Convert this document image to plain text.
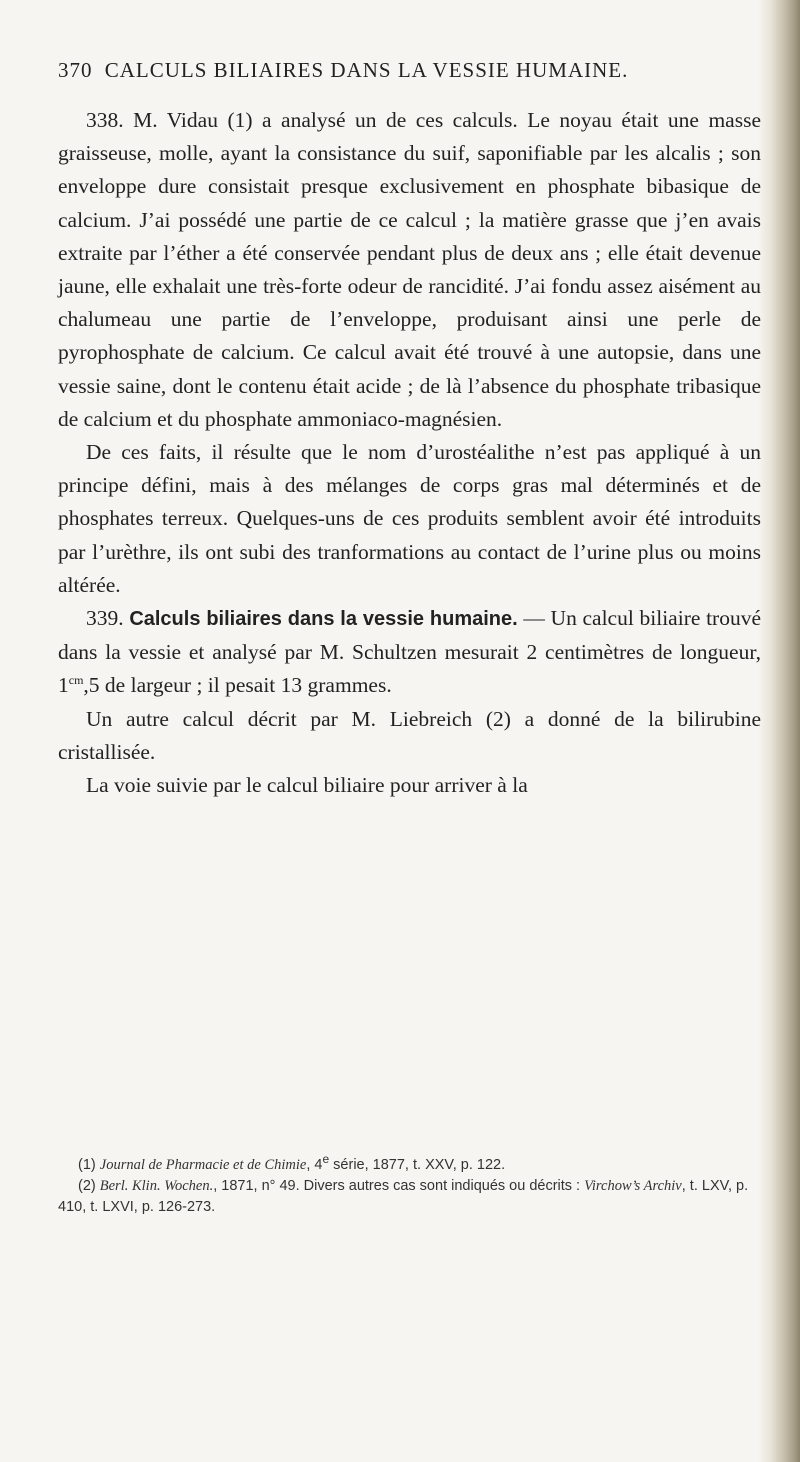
370 CALCULS BILIAIRES DANS LA VESSIE HUMAINE.

338. M. Vidau (1) a analysé un de ces calculs. Le noyau était une masse graisseuse, molle, ayant la consistance du suif, saponifiable par les alcalis ; son enveloppe dure consistait presque exclusivement en phosphate bibasique de calcium. J’ai possédé une partie de ce calcul ; la matière grasse que j’en avais extraite par l’éther a été conservée pendant plus de deux ans ; elle était devenue jaune, elle exhalait une très-forte odeur de rancidité. J’ai fondu assez aisément au chalumeau une partie de l’enveloppe, produisant ainsi une perle de pyrophosphate de calcium. Ce calcul avait été trouvé à une autopsie, dans une vessie saine, dont le contenu était acide ; de là l’absence du phosphate tribasique de calcium et du phosphate ammoniaco-magnésien.

De ces faits, il résulte que le nom d’urostéalithe n’est pas appliqué à un principe défini, mais à des mélanges de corps gras mal déterminés et de phosphates terreux. Quelques-uns de ces produits semblent avoir été introduits par l’urèthre, ils ont subi des tranformations au contact de l’urine plus ou moins altérée.

339. Calculs biliaires dans la vessie humaine. — Un calcul biliaire trouvé dans la vessie et analysé par M. Schultzen mesurait 2 centimètres de longueur, $1^{cm},5$ de largeur ; il pesait 13 grammes.

Un autre calcul décrit par M. Liebreich (2) a donné de la bilirubine cristallisée.

La voie suivie par le calcul biliaire pour arriver à la

(1) Journal de Pharmacie et de Chimie, 4e série, 1877, t. XXV, p. 122.

(2) Berl. Klin. Wochen., 1871, n° 49. Divers autres cas sont indiqués ou décrits : Virchow’s Archiv, t. LXV, p. 410, t. LXVI, p. 126-273.
